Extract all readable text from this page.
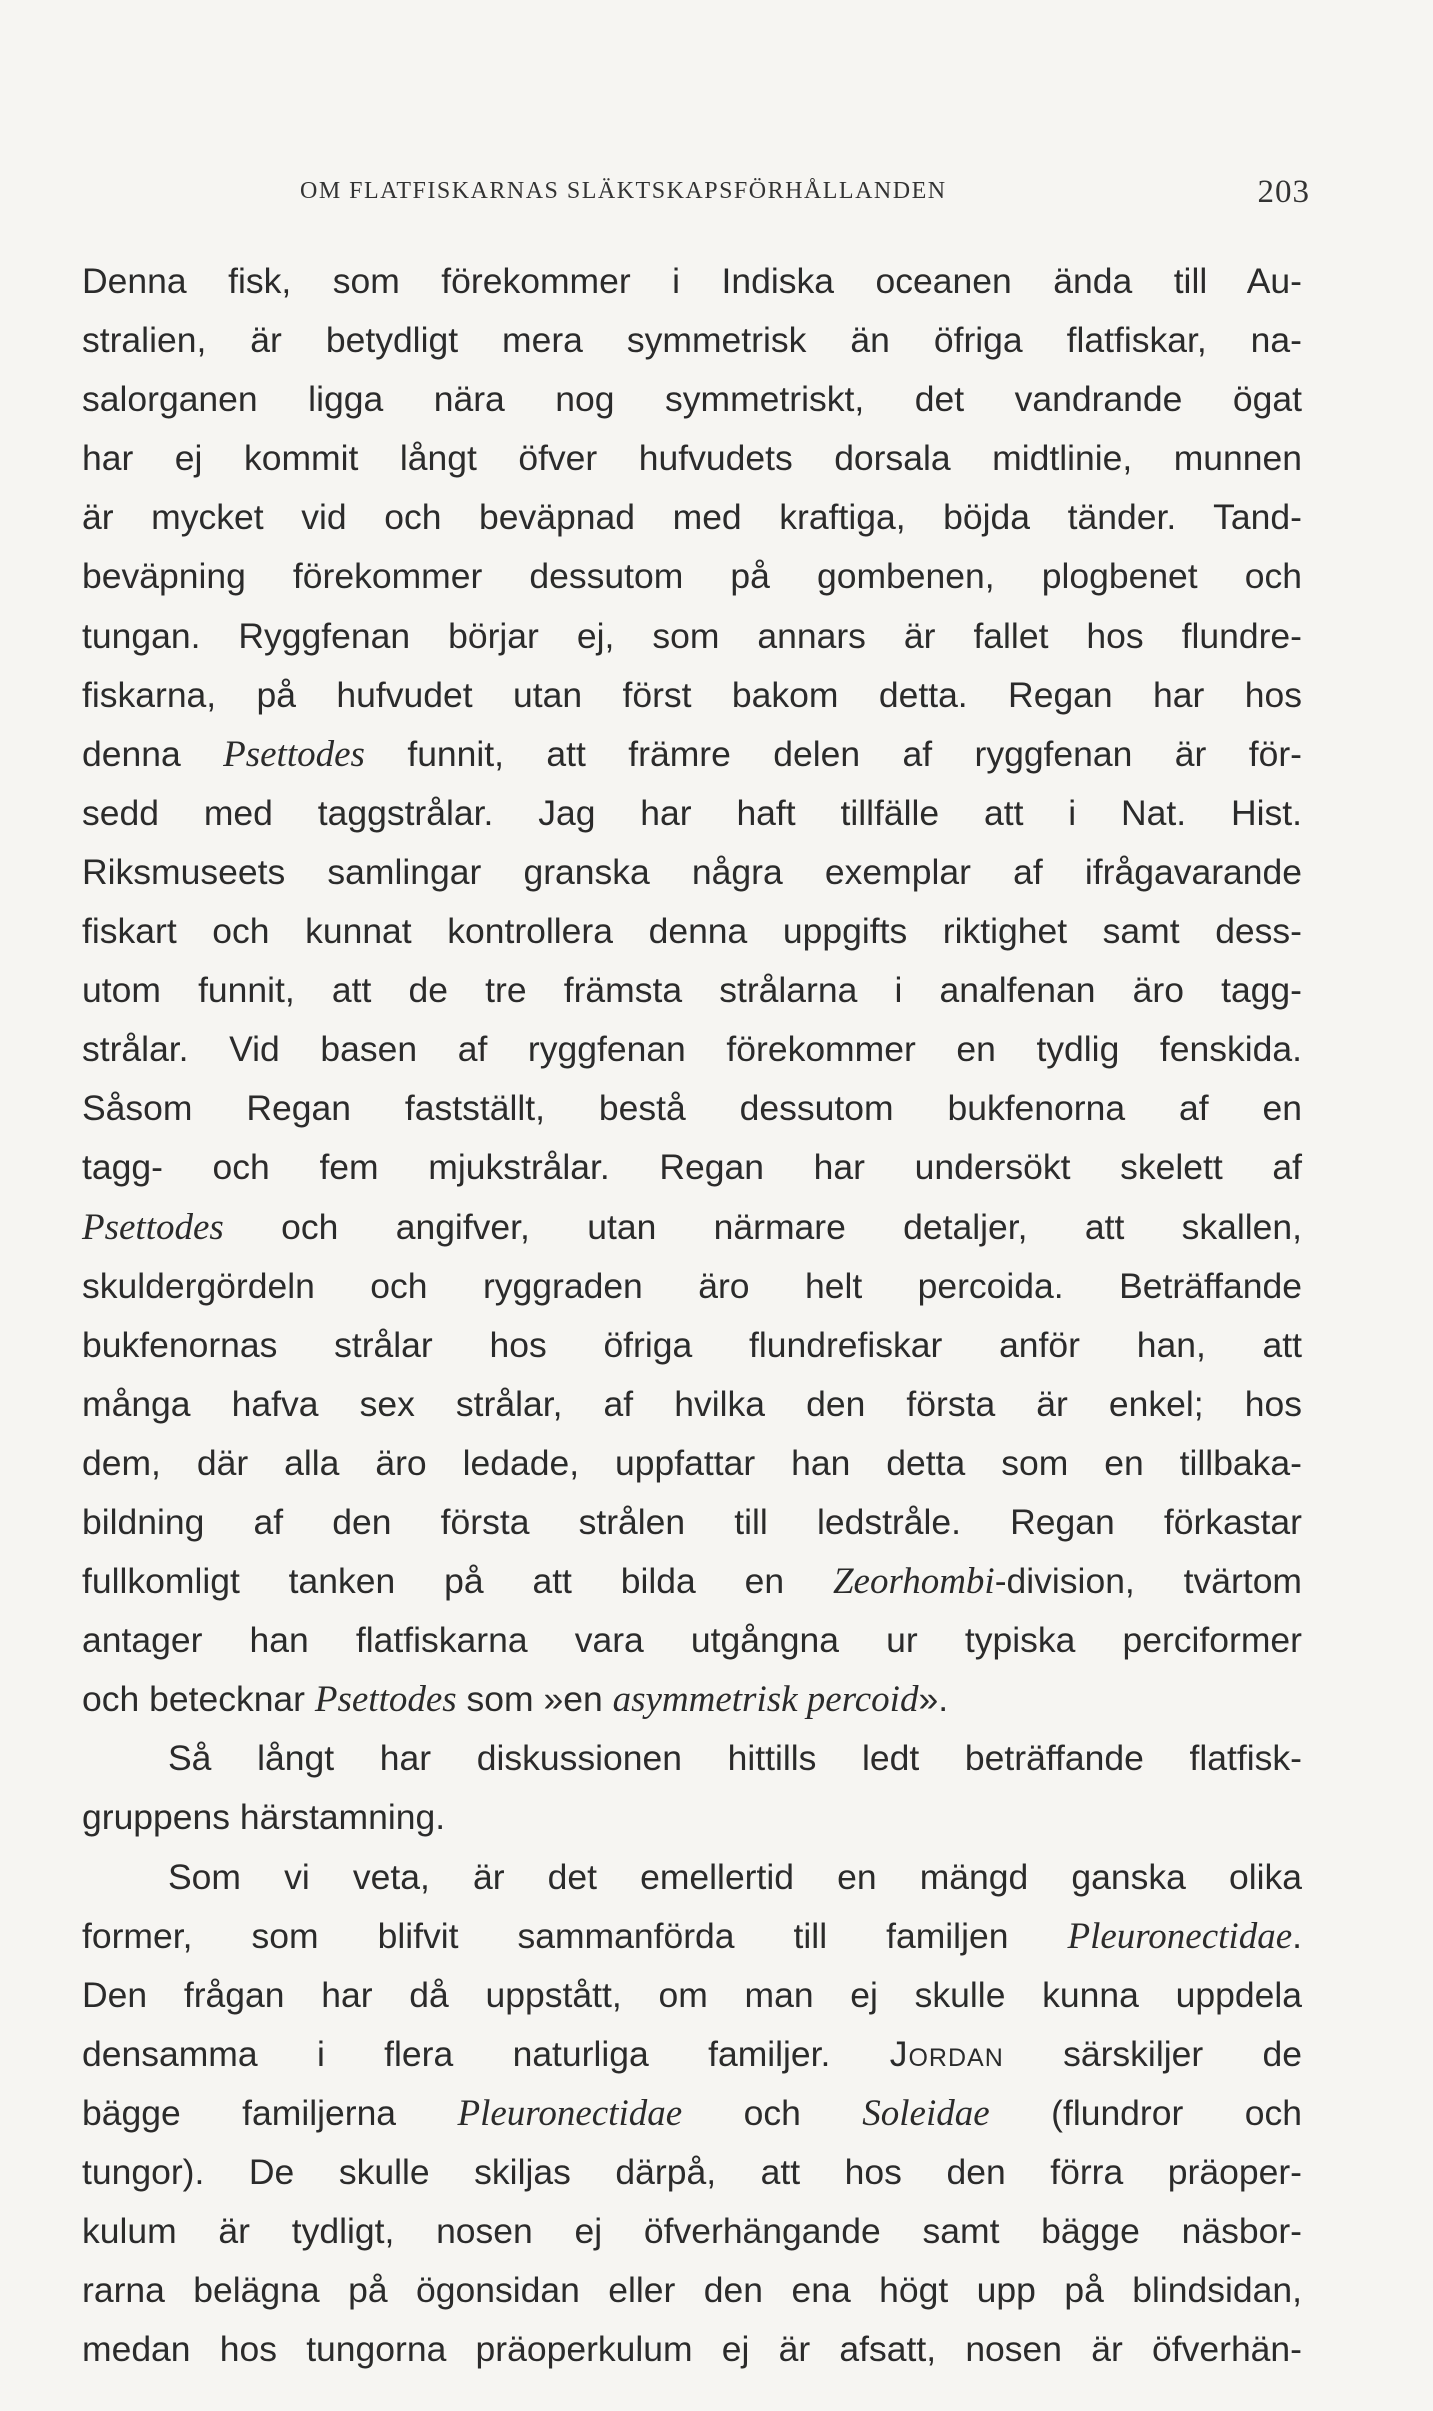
OM FLATFISKARNAS SLÄKTSKAPSFÖRHÅLLANDEN	203
Denna fisk, som förekommer i Indiska oceanen ända till Au-
stralien, är betydligt mera symmetrisk än öfriga flatfiskar, na-
salorganen ligga nära nog symmetriskt, det vandrande ögat
har ej kommit långt öfver hufvudets dorsala midtlinie, munnen
är mycket vid och beväpnad med kraftiga, böjda tänder. Tand-
beväpning förekommer dessutom på gombenen, plogbenet och
tungan. Ryggfenan börjar ej, som annars är fallet hos flundre-
fiskarna, på hufvudet utan först bakom detta. Regan har hos
denna Psettodes funnit, att främre delen af ryggfenan är för-
sedd med taggstrålar. Jag har haft tillfälle att i Nat. Hist.
Riksmuseets samlingar granska några exemplar af ifrågavarande
fiskart och kunnat kontrollera denna uppgifts riktighet samt dess-
utom funnit, att de tre främsta strålarna i analfenan äro tagg-
strålar. Vid basen af ryggfenan förekommer en tydlig fenskida.
Såsom Regan fastställt, bestå dessutom bukfenorna af en
tagg- och fem mjukstrålar. Regan har undersökt skelett af
Psettodes och angifver, utan närmare detaljer, att skallen,
skuldergördeln och ryggraden äro helt percoida. Beträffande
bukfenornas strålar hos öfriga flundrefiskar anför han, att
många hafva sex strålar, af hvilka den första är enkel; hos
dem, där alla äro ledade, uppfattar han detta som en tillbaka-
bildning af den första strålen till ledstråle. Regan förkastar
fullkomligt tanken på att bilda en Zeorhombi-division, tvärtom
antager han flatfiskarna vara utgångna ur typiska perciformer
och betecknar Psettodes som »en asymmetrisk percoid».
Så långt har diskussionen hittills ledt beträffande flatfisk-
gruppens härstamning.
Som vi veta, är det emellertid en mängd ganska olika
former, som blifvit sammanförda till familjen Pleuronectidae.
Den frågan har då uppstått, om man ej skulle kunna uppdela
densamma i flera naturliga familjer. Jordan särskiljer de
bägge familjerna Pleuronectidae och Soleidae (flundror och
tungor). De skulle skiljas därpå, att hos den förra präoper-
kulum är tydligt, nosen ej öfverhängande samt bägge näsbor-
rarna belägna på ögonsidan eller den ena högt upp på blindsidan,
medan hos tungorna präoperkulum ej är afsatt, nosen är öfverhän-
